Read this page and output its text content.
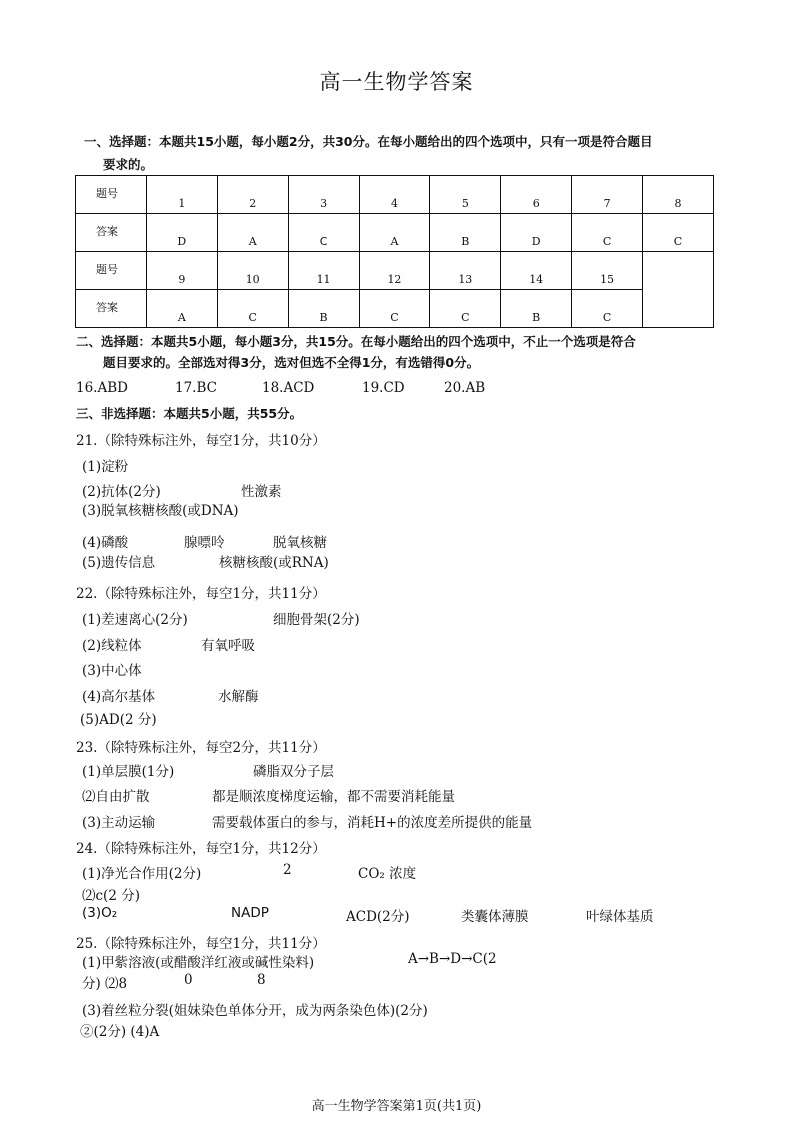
高一生物学答案
一、选择题：本题共15小题，每小题2分，共30分。在每小题给出的四个选项中，只有一项是符合题目
要求的。
题号	1	2	3	4	5	6	7	8
答案	D	A	C	A	B	D	C	C
题号	9	10	11	12	13	14	15	
答案	A	C	B	C	C	B	C	
二、选择题：本题共5小题，每小题3分，共15分。在每小题给出的四个选项中，不止一个选项是符合
题目要求的。全部选对得3分，选对但选不全得1分，有选错得0分。
16.ABD	17.BC	18.ACD	19.CD	20.AB
三、非选择题：本题共5小题，共55分。
21.（除特殊标注外，每空1分，共10分）
(1)淀粉
(2)抗体(2分)	性激素
(3)脱氧核糖核酸(或DNA)
(4)磷酸	腺嘌呤	脱氧核糖
(5)遗传信息	核糖核酸(或RNA)
22.（除特殊标注外，每空1分，共11分）
(1)差速离心(2分)	细胞骨架(2分)
(2)线粒体	有氧呼吸
(3)中心体
(4)高尔基体	水解酶
(5)AD(2 分)
23.（除特殊标注外，每空2分，共11分）
(1)单层膜(1分)	磷脂双分子层
⑵自由扩散	都是顺浓度梯度运输，都不需要消耗能量
(3)主动运输	需要载体蛋白的参与，消耗H+的浓度差所提供的能量
24.（除特殊标注外，每空1分，共12分）
(1)净光合作用(2分)	2	CO₂ 浓度
⑵c(2 分)
(3)O₂	NADP	ACD(2分)	类囊体薄膜	叶绿体基质
25.（除特殊标注外，每空1分，共11分）
(1)甲紫溶液(或醋酸洋红液或碱性染料)	A→B→D→C(2
分) ⑵8	0	8
(3)着丝粒分裂(姐妹染色单体分开，成为两条染色体)(2分)
②(2分) (4)A
高一生物学答案第1页(共1页)
